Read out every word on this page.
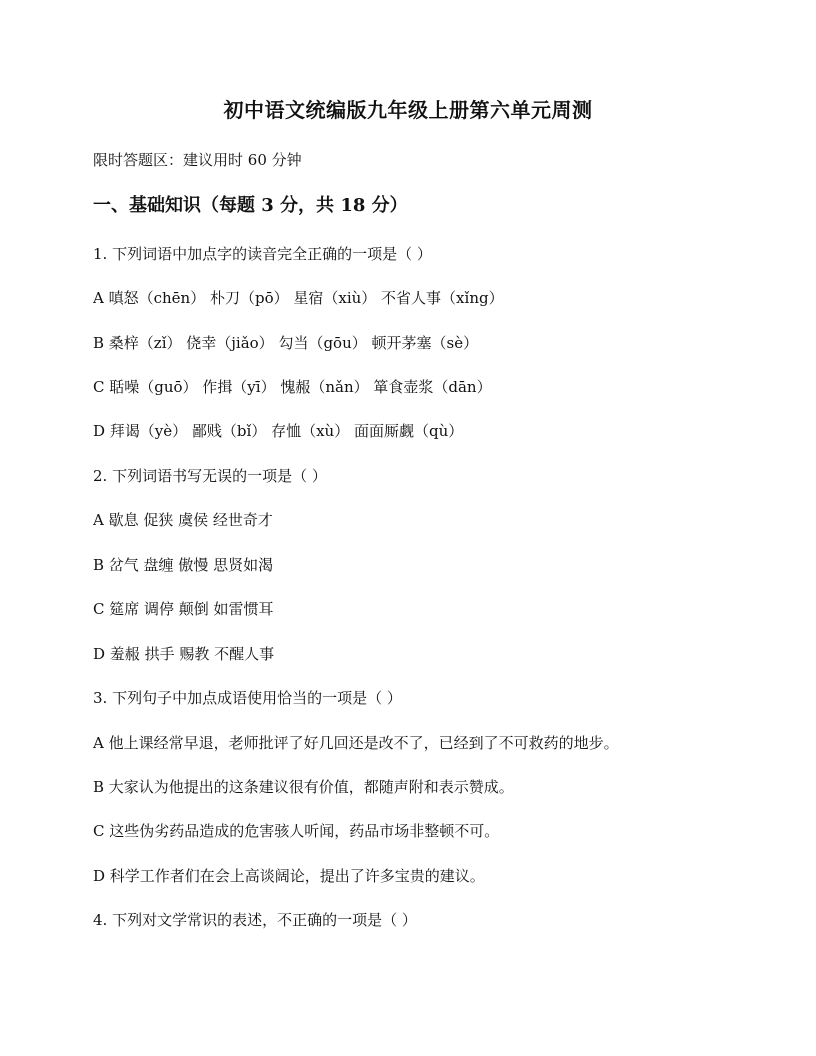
初中语文统编版九年级上册第六单元周测
限时答题区：建议用时 60 分钟
一、基础知识（每题 3 分，共 18 分）
1. 下列词语中加点字的读音完全正确的一项是（ ）
A 嗔怒（chēn） 朴刀（pō） 星宿（xiù） 不省人事（xǐng）
B 桑梓（zǐ） 侥幸（jiǎo） 勾当（gōu） 顿开茅塞（sè）
C 聒噪（guō） 作揖（yī） 愧赧（nǎn） 箪食壶浆（dān）
D 拜谒（yè） 鄙贱（bǐ） 存恤（xù） 面面厮觑（qù）
2. 下列词语书写无误的一项是（ ）
A 歇息 促狭 虞侯 经世奇才
B 岔气 盘缠 傲慢 思贤如渴
C 筵席 调停 颠倒 如雷惯耳
D 羞赧 拱手 赐教 不醒人事
3. 下列句子中加点成语使用恰当的一项是（ ）
A 他上课经常早退，老师批评了好几回还是改不了，已经到了不可救药的地步。
B 大家认为他提出的这条建议很有价值，都随声附和表示赞成。
C 这些伪劣药品造成的危害骇人听闻，药品市场非整顿不可。
D 科学工作者们在会上高谈阔论，提出了许多宝贵的建议。
4. 下列对文学常识的表述，不正确的一项是（ ）
